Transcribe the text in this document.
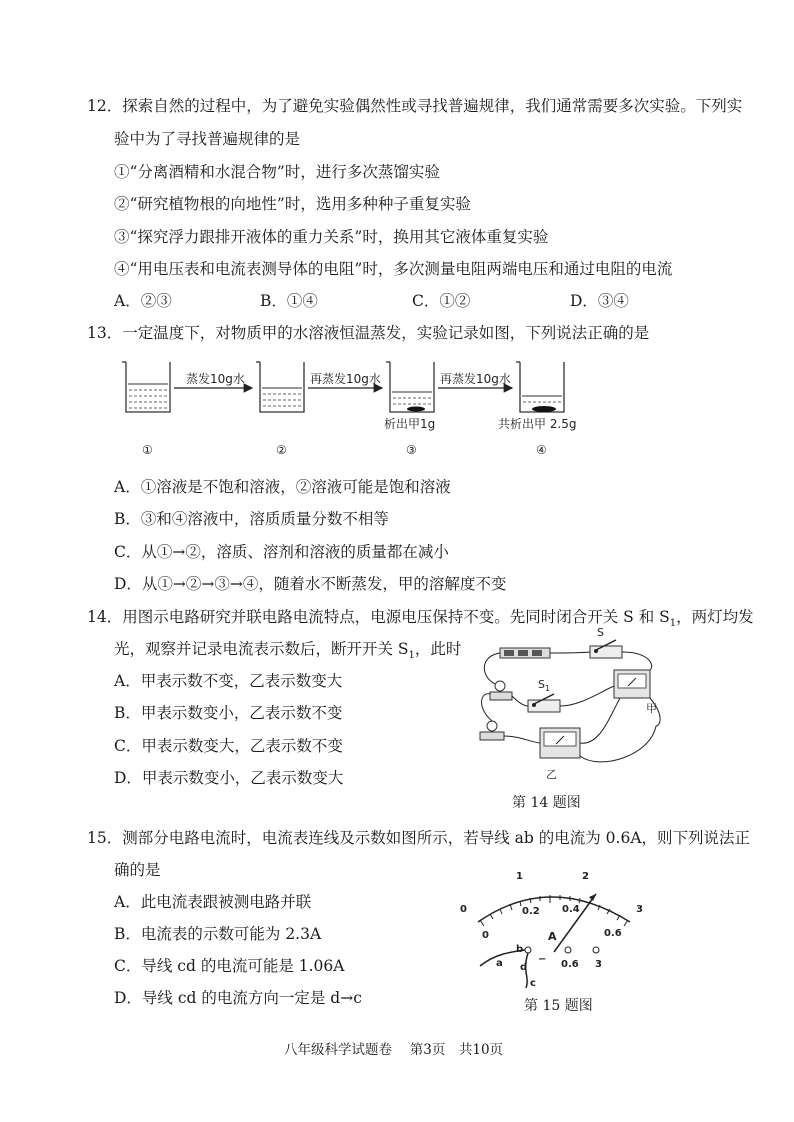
12．探索自然的过程中，为了避免实验偶然性或寻找普遍规律，我们通常需要多次实验。下列实
验中为了寻找普遍规律的是
①“分离酒精和水混合物”时，进行多次蒸馏实验
②“研究植物根的向地性”时，选用多种种子重复实验
③“探究浮力跟排开液体的重力关系”时，换用其它液体重复实验
④“用电压表和电流表测导体的电阻”时，多次测量电阻两端电压和通过电阻的电流
A．②③	B．①④	C．①②	D．③④
13．一定温度下，对物质甲的水溶液恒温蒸发，实验记录如图，下列说法正确的是
蒸发10g水	再蒸发10g水	再蒸发10g水
析出甲1g	共析出甲 2.5g
①	②	③	④
A．①溶液是不饱和溶液，②溶液可能是饱和溶液
B．③和④溶液中，溶质质量分数不相等
C．从①→②，溶质、溶剂和溶液的质量都在减小
D．从①→②→③→④，随着水不断蒸发，甲的溶解度不变
14．用图示电路研究并联电路电流特点，电源电压保持不变。先同时闭合开关 S 和 $S_1$，两灯均发
光，观察并记录电流表示数后，断开开关 $S_1$，此时
A．甲表示数不变，乙表示数变大
B．甲表示数变小，乙表示数不变
C．甲表示数变大，乙表示数不变
D．甲表示数变小，乙表示数变大
S
$S_1$
甲
乙
第 14 题图
15．测部分电路电流时，电流表连线及示数如图所示，若导线 ab 的电流为 0.6A，则下列说法正
确的是
A．此电流表跟被测电路并联
B．电流表的示数可能为 2.3A
C．导线 cd 的电流可能是 1.06A
D．导线 cd 的电流方向一定是 d→c
0
1	2
3
0
0.2 0.4
0.6
A
0.6 3
a
b
d
c
−
第 15 题图
八年级科学试题卷　 第3页　共10页
